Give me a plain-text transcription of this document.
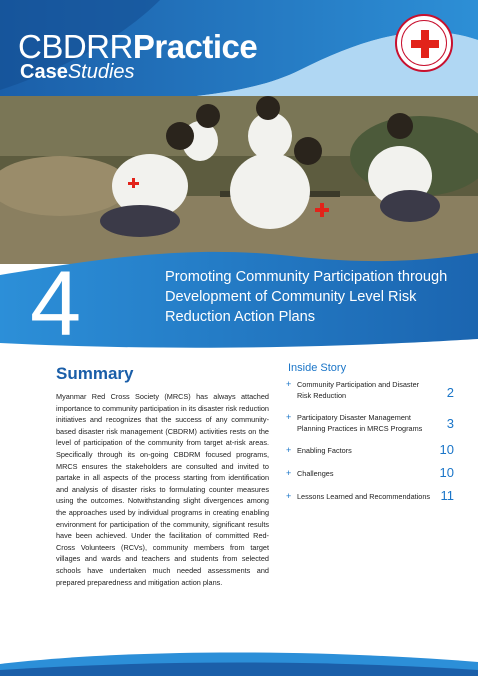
CBDRRPractice
CaseStudies
4	Promoting Community Participation through Development of Community Level Risk Reduction Action Plans
Summary
Myanmar Red Cross Society (MRCS) has always attached importance to community participation in its disaster risk reduction initiatives and recognizes that the success of any community-based disaster risk management (CBDRM) activities rests on the level of participation of the community from target at-risk areas. Specifically through its on-going CBDRM focused programs, MRCS ensures the stakeholders are consulted and invited to partake in all aspects of the process starting from identification and analysis of disaster risks to formulating counter measures using the outcomes. Notwithstanding slight divergences among the approaches used by individual programs in creating enabling environment for participation of the community, significant results have been achieved. Under the facilitation of committed Red-Cross Volunteers (RCVs), community members from target villages and wards and teachers and students from selected schools have undertaken much needed assessments and prepared preparedness and mitigation action plans.
Inside Story
+ Community Participation and Disaster Risk Reduction	2
+ Participatory Disaster Management Planning Practices in MRCS Programs	3
+ Enabling Factors	10
+ Challenges	10
+ Lessons Learned and Recommendations 11
